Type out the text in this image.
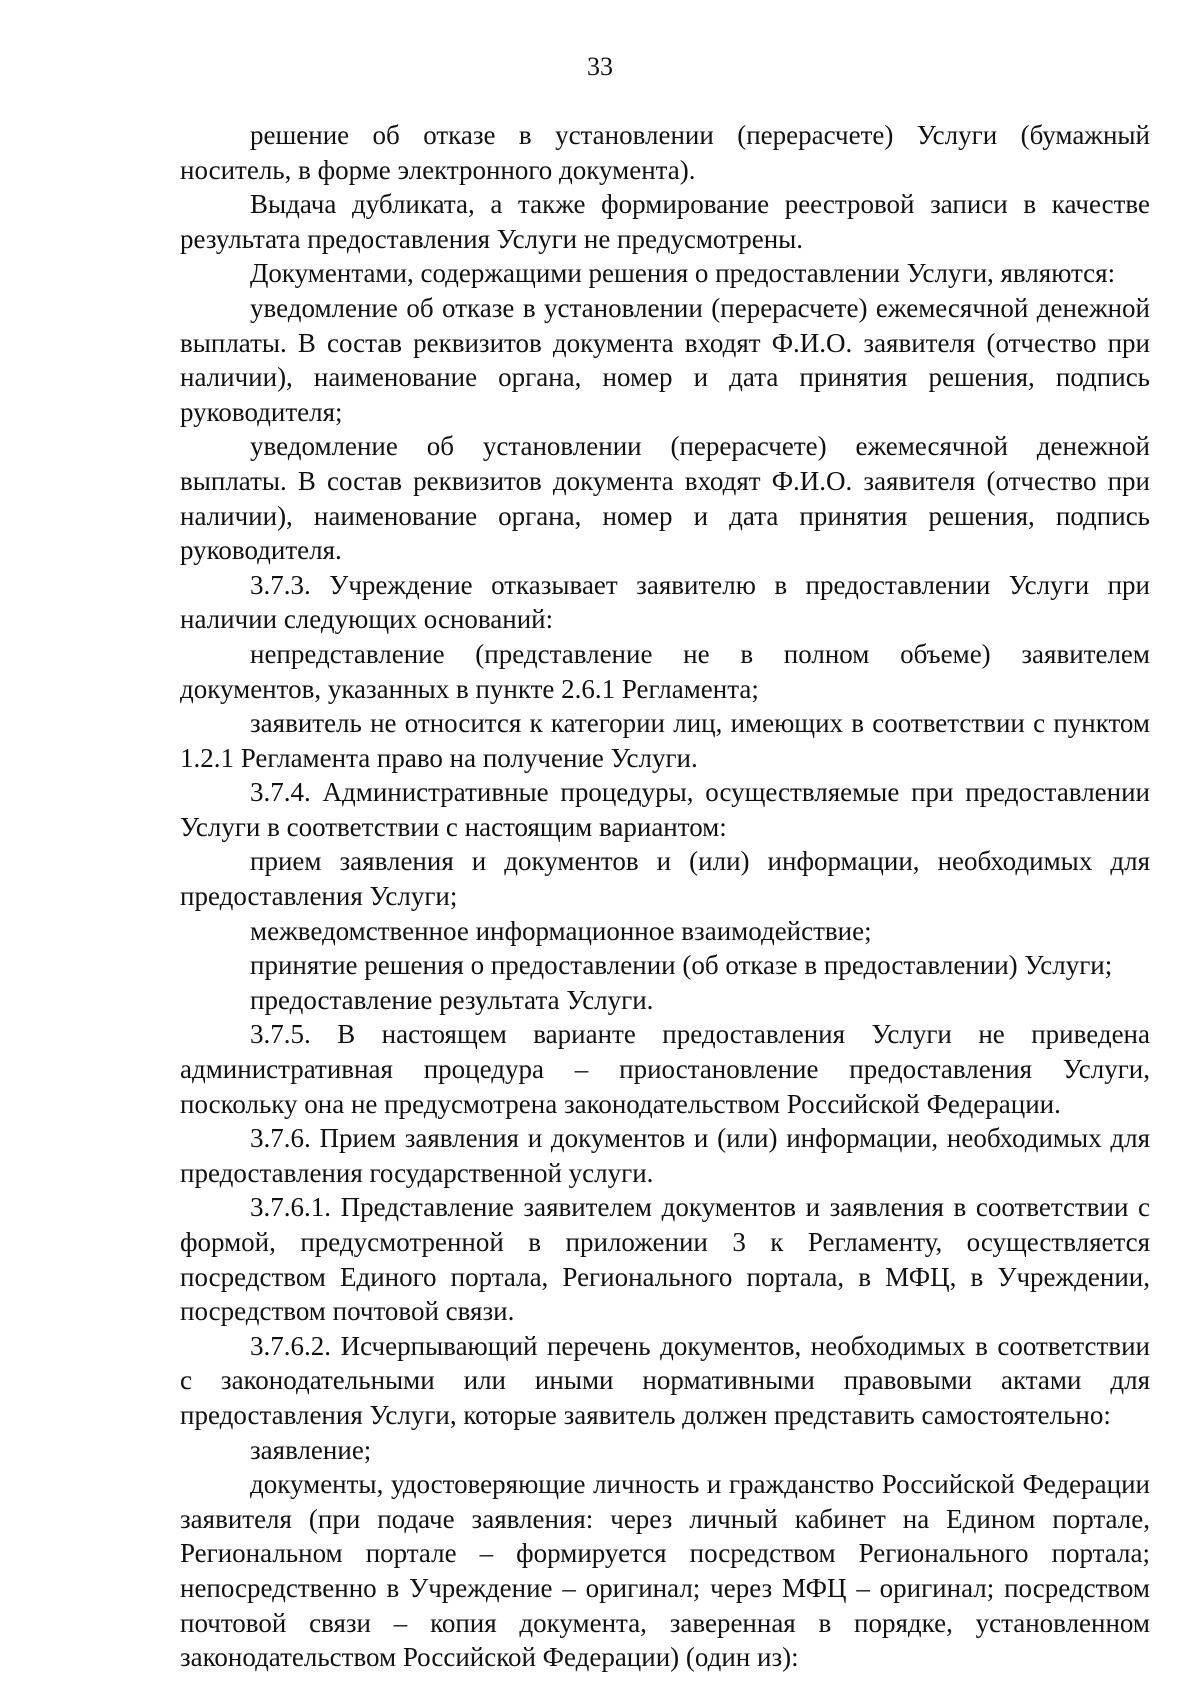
33

решение об отказе в установлении (перерасчете) Услуги (бумажный носитель, в форме электронного документа).

Выдача дубликата, а также формирование реестровой записи в качестве результата предоставления Услуги не предусмотрены.

Документами, содержащими решения о предоставлении Услуги, являются:

уведомление об отказе в установлении (перерасчете) ежемесячной денежной выплаты. В состав реквизитов документа входят Ф.И.О. заявителя (отчество при наличии), наименование органа, номер и дата принятия решения, подпись руководителя;

уведомление об установлении (перерасчете) ежемесячной денежной выплаты. В состав реквизитов документа входят Ф.И.О. заявителя (отчество при наличии), наименование органа, номер и дата принятия решения, подпись руководителя.

3.7.3. Учреждение отказывает заявителю в предоставлении Услуги при наличии следующих оснований:

непредставление (представление не в полном объеме) заявителем документов, указанных в пункте 2.6.1 Регламента;

заявитель не относится к категории лиц, имеющих в соответствии с пунктом 1.2.1 Регламента право на получение Услуги.

3.7.4. Административные процедуры, осуществляемые при предоставлении Услуги в соответствии с настоящим вариантом:

прием заявления и документов и (или) информации, необходимых для предоставления Услуги;

межведомственное информационное взаимодействие;

принятие решения о предоставлении (об отказе в предоставлении) Услуги;

предоставление результата Услуги.

3.7.5. В настоящем варианте предоставления Услуги не приведена административная процедура – приостановление предоставления Услуги, поскольку она не предусмотрена законодательством Российской Федерации.

3.7.6. Прием заявления и документов и (или) информации, необходимых для предоставления государственной услуги.

3.7.6.1. Представление заявителем документов и заявления в соответствии с формой, предусмотренной в приложении 3 к Регламенту, осуществляется посредством Единого портала, Регионального портала, в МФЦ, в Учреждении, посредством почтовой связи.

3.7.6.2. Исчерпывающий перечень документов, необходимых в соответствии с законодательными или иными нормативными правовыми актами для предоставления Услуги, которые заявитель должен представить самостоятельно:

заявление;

документы, удостоверяющие личность и гражданство Российской Федерации заявителя (при подаче заявления: через личный кабинет на Едином портале, Региональном портале – формируется посредством Регионального портала; непосредственно в Учреждение – оригинал; через МФЦ – оригинал; посредством почтовой связи – копия документа, заверенная в порядке, установленном законодательством Российской Федерации) (один из):
